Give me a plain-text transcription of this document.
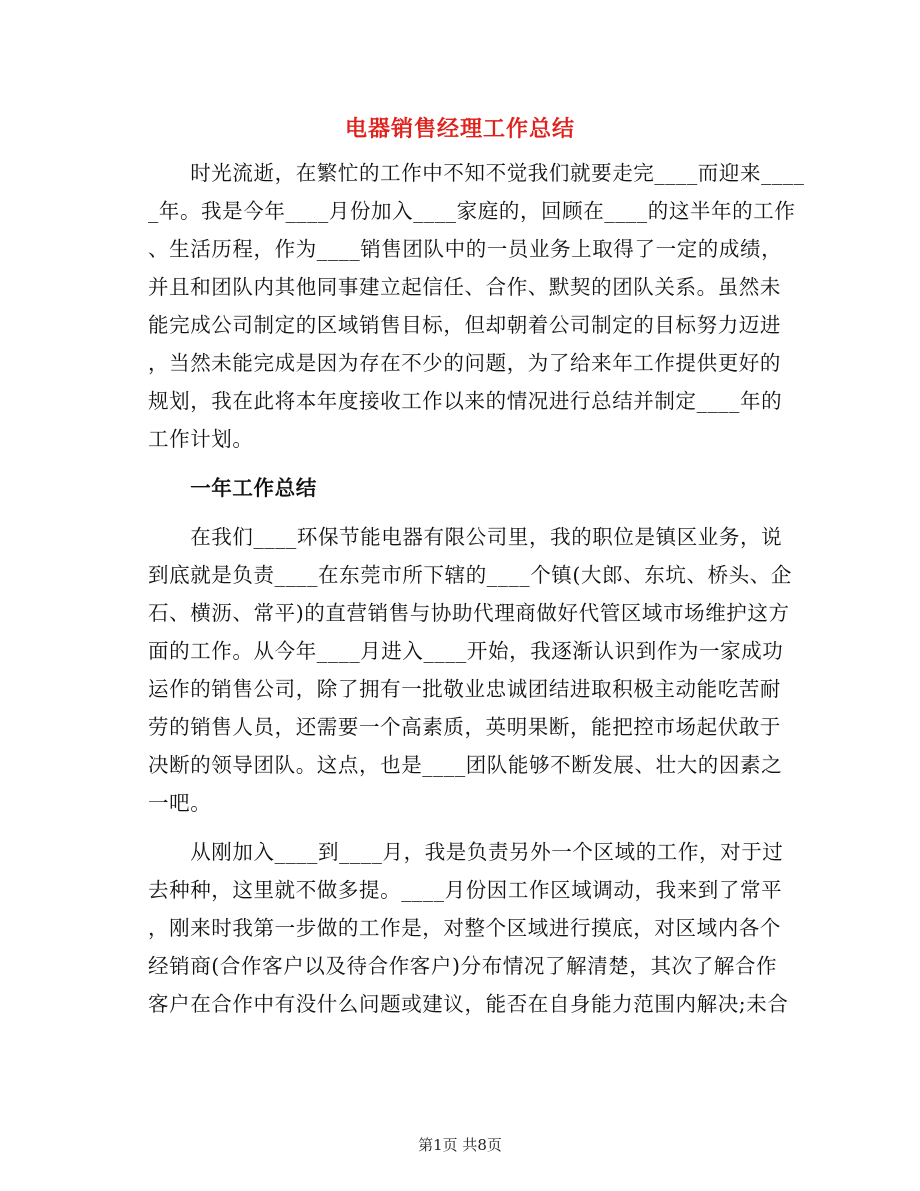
电器销售经理工作总结
　　时光流逝，在繁忙的工作中不知不觉我们就要走完____而迎来____
_年。我是今年____月份加入____家庭的，回顾在____的这半年的工作
、生活历程，作为____销售团队中的一员业务上取得了一定的成绩，
并且和团队内其他同事建立起信任、合作、默契的团队关系。虽然未
能完成公司制定的区域销售目标，但却朝着公司制定的目标努力迈进
，当然未能完成是因为存在不少的问题，为了给来年工作提供更好的
规划，我在此将本年度接收工作以来的情况进行总结并制定____年的
工作计划。
　　一年工作总结
　　在我们____环保节能电器有限公司里，我的职位是镇区业务，说
到底就是负责____在东莞市所下辖的____个镇(大郎、东坑、桥头、企
石、横沥、常平)的直营销售与协助代理商做好代管区域市场维护这方
面的工作。从今年____月进入____开始，我逐渐认识到作为一家成功
运作的销售公司，除了拥有一批敬业忠诚团结进取积极主动能吃苦耐
劳的销售人员，还需要一个高素质，英明果断，能把控市场起伏敢于
决断的领导团队。这点，也是____团队能够不断发展、壮大的因素之
一吧。
　　从刚加入____到____月，我是负责另外一个区域的工作，对于过
去种种，这里就不做多提。____月份因工作区域调动，我来到了常平
，刚来时我第一步做的工作是，对整个区域进行摸底，对区域内各个
经销商(合作客户以及待合作客户)分布情况了解清楚，其次了解合作
客户在合作中有没什么问题或建议，能否在自身能力范围内解决;未合
第1页 共8页
